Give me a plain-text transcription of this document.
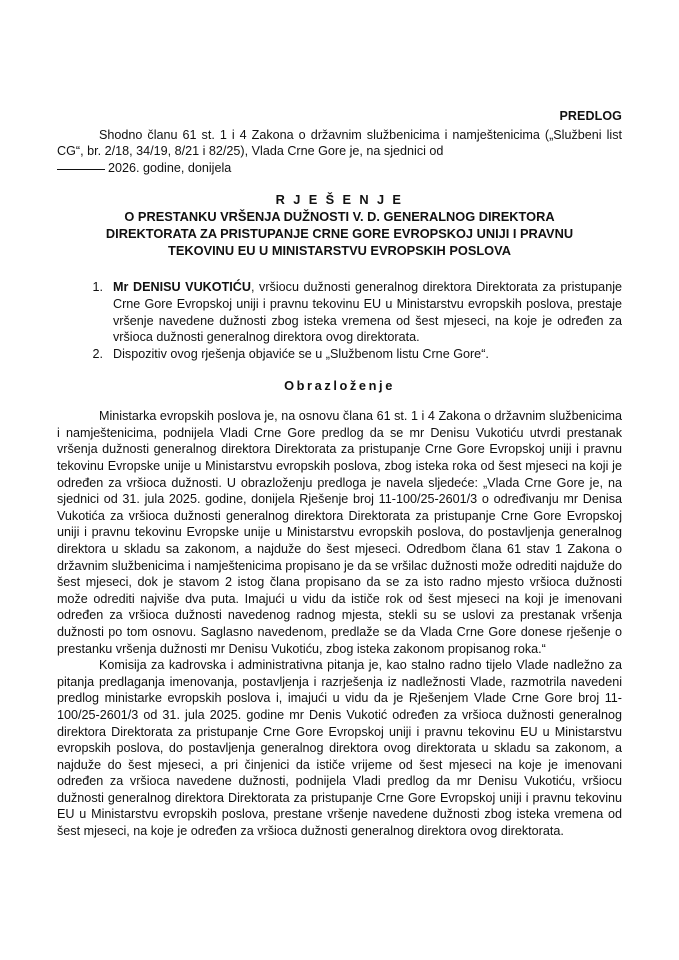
PREDLOG

Shodno članu 61 st. 1 i 4 Zakona o državnim službenicima i namještenicima („Službeni list CG“, br. 2/18, 34/19, 8/21 i 82/25), Vlada Crne Gore je, na sjednici od

2026. godine, donijela

R J E Š E N J E
O PRESTANKU VRŠENJA DUŽNOSTI V. D. GENERALNOG DIREKTORA
DIREKTORATA ZA PRISTUPANJE CRNE GORE EVROPSKOJ UNIJI I PRAVNU
TEKOVINU EU U MINISTARSTVU EVROPSKIH POSLOVA
Mr DENISU VUKOTIĆU, vršiocu dužnosti generalnog direktora Direktorata za pristupanje Crne Gore Evropskoj uniji i pravnu tekovinu EU u Ministarstvu evropskih poslova, prestaje vršenje navedene dužnosti zbog isteka vremena od šest mjeseci, na koje je određen za vršioca dužnosti generalnog direktora ovog direktorata.
Dispozitiv ovog rješenja objaviće se u „Službenom listu Crne Gore“.
Obrazloženje

Ministarka evropskih poslova je, na osnovu člana 61 st. 1 i 4 Zakona o državnim službenicima i namještenicima, podnijela Vladi Crne Gore predlog da se mr Denisu Vukotiću utvrdi prestanak vršenja dužnosti generalnog direktora Direktorata za pristupanje Crne Gore Evropskoj uniji i pravnu tekovinu Evropske unije u Ministarstvu evropskih poslova, zbog isteka roka od šest mjeseci na koji je određen za vršioca dužnosti. U obrazloženju predloga je navela sljedeće: „Vlada Crne Gore je, na sjednici od 31. jula 2025. godine, donijela Rješenje broj 11-100/25-2601/3 o određivanju mr Denisa Vukotića za vršioca dužnosti generalnog direktora Direktorata za pristupanje Crne Gore Evropskoj uniji i pravnu tekovinu Evropske unije u Ministarstvu evropskih poslova, do postavljenja generalnog direktora u skladu sa zakonom, a najduže do šest mjeseci. Odredbom člana 61 stav 1 Zakona o državnim službenicima i namještenicima propisano je da se vršilac dužnosti može odrediti najduže do šest mjeseci, dok je stavom 2 istog člana propisano da se za isto radno mjesto vršioca dužnosti može odrediti najviše dva puta. Imajući u vidu da ističe rok od šest mjeseci na koji je imenovani određen za vršioca dužnosti navedenog radnog mjesta, stekli su se uslovi za prestanak vršenja dužnosti po tom osnovu. Saglasno navedenom, predlaže se da Vlada Crne Gore donese rješenje o prestanku vršenja dužnosti mr Denisu Vukotiću, zbog isteka zakonom propisanog roka.“

Komisija za kadrovska i administrativna pitanja je, kao stalno radno tijelo Vlade nadležno za pitanja predlaganja imenovanja, postavljenja i razrješenja iz nadležnosti Vlade, razmotrila navedeni predlog ministarke evropskih poslova i, imajući u vidu da je Rješenjem Vlade Crne Gore broj 11-100/25-2601/3 od 31. jula 2025. godine mr Denis Vukotić određen za vršioca dužnosti generalnog direktora Direktorata za pristupanje Crne Gore Evropskoj uniji i pravnu tekovinu EU u Ministarstvu evropskih poslova, do postavljenja generalnog direktora ovog direktorata u skladu sa zakonom, a najduže do šest mjeseci, a pri činjenici da ističe vrijeme od šest mjeseci na koje je imenovani određen za vršioca navedene dužnosti, podnijela Vladi predlog da mr Denisu Vukotiću, vršiocu dužnosti generalnog direktora Direktorata za pristupanje Crne Gore Evropskoj uniji i pravnu tekovinu EU u Ministarstvu evropskih poslova, prestane vršenje navedene dužnosti zbog isteka vremena od šest mjeseci, na koje je određen za vršioca dužnosti generalnog direktora ovog direktorata.
